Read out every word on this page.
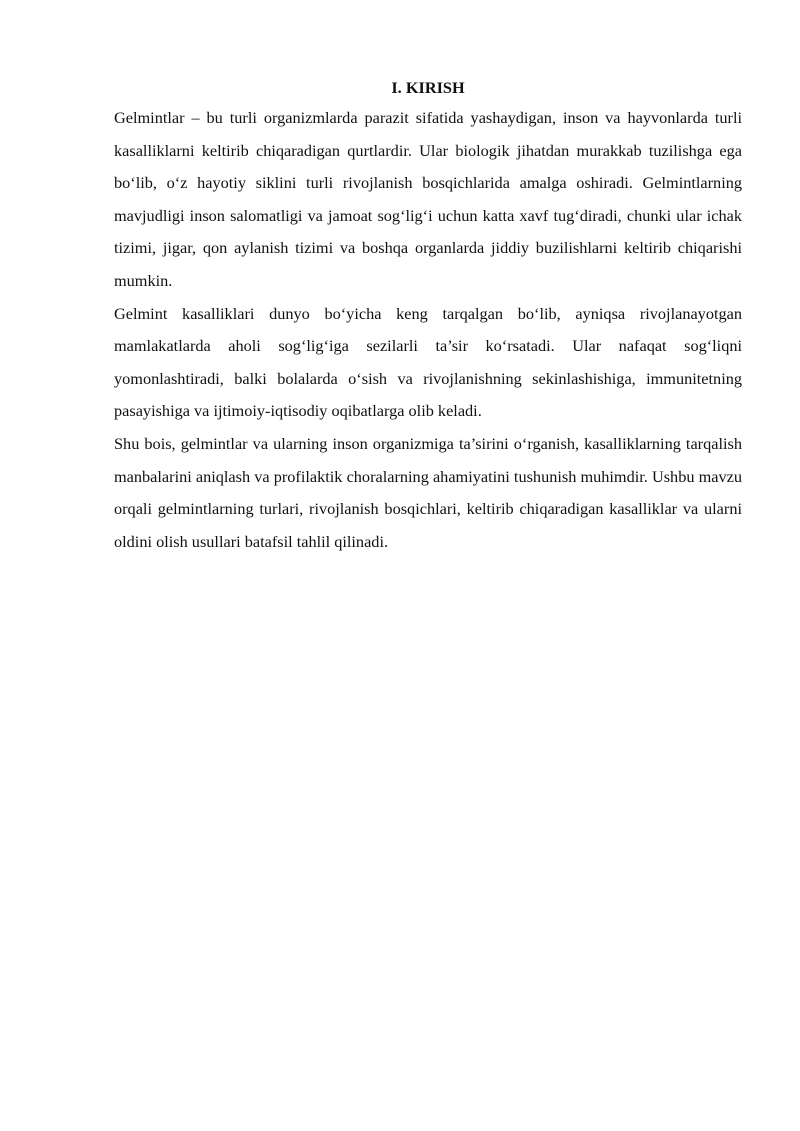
I. KIRISH

Gelmintlar – bu turli organizmlarda parazit sifatida yashaydigan, inson va hayvonlarda turli kasalliklarni keltirib chiqaradigan qurtlardir. Ular biologik jihatdan murakkab tuzilishga ega bo‘lib, o‘z hayotiy siklini turli rivojlanish bosqichlarida amalga oshiradi. Gelmintlarning mavjudligi inson salomatligi va jamoat sog‘lig‘i uchun katta xavf tug‘diradi, chunki ular ichak tizimi, jigar, qon aylanish tizimi va boshqa organlarda jiddiy buzilishlarni keltirib chiqarishi mumkin.

Gelmint kasalliklari dunyo bo‘yicha keng tarqalgan bo‘lib, ayniqsa rivojlanayotgan mamlakatlarda aholi sog‘lig‘iga sezilarli ta’sir ko‘rsatadi. Ular nafaqat sog‘liqni yomonlashtiradi, balki bolalarda o‘sish va rivojlanishning sekinlashishiga, immunitetning pasayishiga va ijtimoiy-iqtisodiy oqibatlarga olib keladi.

Shu bois, gelmintlar va ularning inson organizmiga ta’sirini o‘rganish, kasalliklarning tarqalish manbalarini aniqlash va profilaktik choralarning ahamiyatini tushunish muhimdir. Ushbu mavzu orqali gelmintlarning turlari, rivojlanish bosqichlari, keltirib chiqaradigan kasalliklar va ularni oldini olish usullari batafsil tahlil qilinadi.
